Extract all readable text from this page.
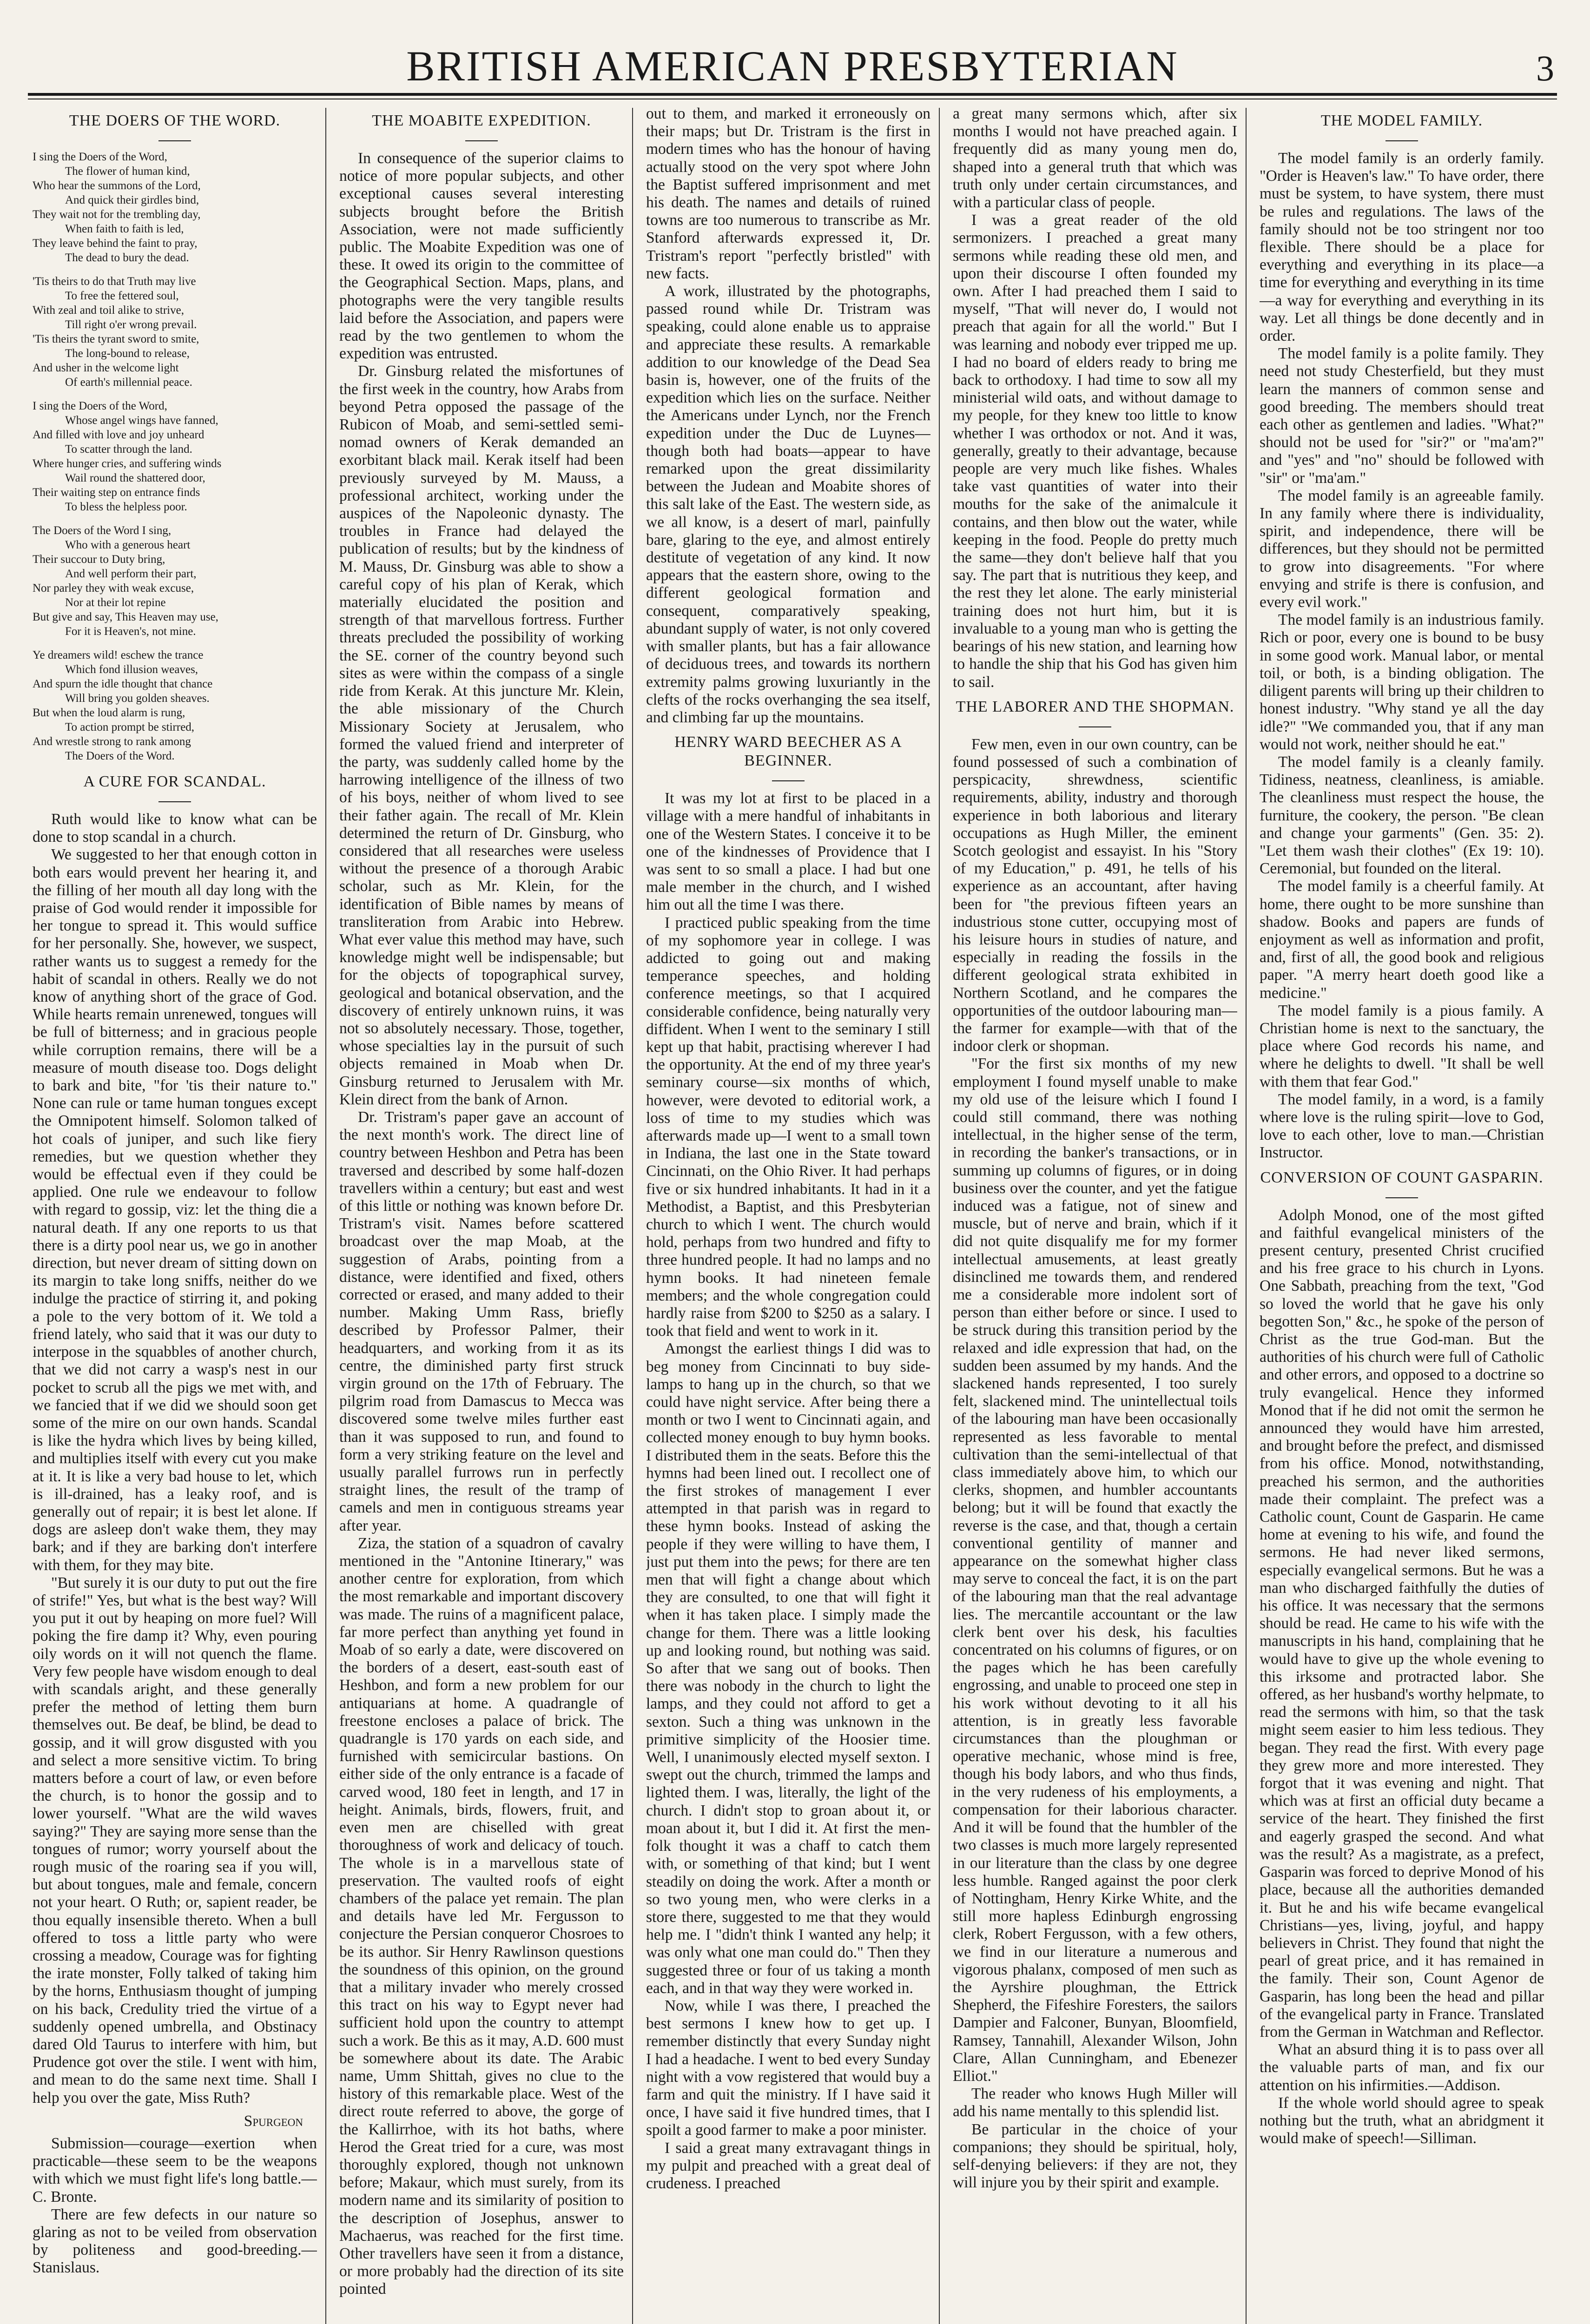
BRITISH AMERICAN PRESBYTERIAN	3
THE DOERS OF THE WORD.
I sing the Doers of the Word,
The flower of human kind,
Who hear the summons of the Lord,
And quick their girdles bind,
They wait not for the trembling day,
When faith to faith is led,
They leave behind the faint to pray,
The dead to bury the dead.
'Tis theirs to do that Truth may live
To free the fettered soul,
With zeal and toil alike to strive,
Till right o'er wrong prevail.
'Tis theirs the tyrant sword to smite,
The long-bound to release,
And usher in the welcome light
Of earth's millennial peace.
I sing the Doers of the Word,
Whose angel wings have fanned,
And filled with love and joy unheard
To scatter through the land.
Where hunger cries, and suffering winds
Wail round the shattered door,
Their waiting step on entrance finds
To bless the helpless poor.
The Doers of the Word I sing,
Who with a generous heart
Their succour to Duty bring,
And well perform their part,
Nor parley they with weak excuse,
Nor at their lot repine
But give and say, This Heaven may use,
For it is Heaven's, not mine.
Ye dreamers wild! eschew the trance
Which fond illusion weaves,
And spurn the idle thought that chance
Will bring you golden sheaves.
But when the loud alarm is rung,
To action prompt be stirred,
And wrestle strong to rank among
The Doers of the Word.
A CURE FOR SCANDAL.

Ruth would like to know what can be done to stop scandal in a church.

We suggested to her that enough cotton in both ears would prevent her hearing it, and the filling of her mouth all day long with the praise of God would render it impossible for her tongue to spread it. This would suffice for her personally. She, however, we suspect, rather wants us to suggest a remedy for the habit of scandal in others. Really we do not know of anything short of the grace of God. While hearts remain unrenewed, tongues will be full of bitterness; and in gracious people while corruption remains, there will be a measure of mouth disease too. Dogs delight to bark and bite, "for 'tis their nature to." None can rule or tame human tongues except the Omnipotent himself. Solomon talked of hot coals of juniper, and such like fiery remedies, but we question whether they would be effectual even if they could be applied. One rule we endeavour to follow with regard to gossip, viz: let the thing die a natural death. If any one reports to us that there is a dirty pool near us, we go in another direction, but never dream of sitting down on its margin to take long sniffs, neither do we indulge the practice of stirring it, and poking a pole to the very bottom of it. We told a friend lately, who said that it was our duty to interpose in the squabbles of another church, that we did not carry a wasp's nest in our pocket to scrub all the pigs we met with, and we fancied that if we did we should soon get some of the mire on our own hands. Scandal is like the hydra which lives by being killed, and multiplies itself with every cut you make at it. It is like a very bad house to let, which is ill-drained, has a leaky roof, and is generally out of repair; it is best let alone. If dogs are asleep don't wake them, they may bark; and if they are barking don't interfere with them, for they may bite.

"But surely it is our duty to put out the fire of strife!" Yes, but what is the best way? Will you put it out by heaping on more fuel? Will poking the fire damp it? Why, even pouring oily words on it will not quench the flame. Very few people have wisdom enough to deal with scandals aright, and these generally prefer the method of letting them burn themselves out. Be deaf, be blind, be dead to gossip, and it will grow disgusted with you and select a more sensitive victim. To bring matters before a court of law, or even before the church, is to honor the gossip and to lower yourself. "What are the wild waves saying?" They are saying more sense than the tongues of rumor; worry yourself about the rough music of the roaring sea if you will, but about tongues, male and female, concern not your heart. O Ruth; or, sapient reader, be thou equally insensible thereto. When a bull offered to toss a little party who were crossing a meadow, Courage was for fighting the irate monster, Folly talked of taking him by the horns, Enthusiasm thought of jumping on his back, Credulity tried the virtue of a suddenly opened umbrella, and Obstinacy dared Old Taurus to interfere with him, but Prudence got over the stile. I went with him, and mean to do the same next time. Shall I help you over the gate, Miss Ruth?

Spurgeon

Submission—courage—exertion when practicable—these seem to be the weapons with which we must fight life's long battle.—C. Bronte.

There are few defects in our nature so glaring as not to be veiled from observation by politeness and good-breeding.—Stanislaus.

THE MOABITE EXPEDITION.

In consequence of the superior claims to notice of more popular subjects, and other exceptional causes several interesting subjects brought before the British Association, were not made sufficiently public. The Moabite Expedition was one of these. It owed its origin to the committee of the Geographical Section. Maps, plans, and photographs were the very tangible results laid before the Association, and papers were read by the two gentlemen to whom the expedition was entrusted.

Dr. Ginsburg related the misfortunes of the first week in the country, how Arabs from beyond Petra opposed the passage of the Rubicon of Moab, and semi-settled semi-nomad owners of Kerak demanded an exorbitant black mail. Kerak itself had been previously surveyed by M. Mauss, a professional architect, working under the auspices of the Napoleonic dynasty. The troubles in France had delayed the publication of results; but by the kindness of M. Mauss, Dr. Ginsburg was able to show a careful copy of his plan of Kerak, which materially elucidated the position and strength of that marvellous fortress. Further threats precluded the possibility of working the SE. corner of the country beyond such sites as were within the compass of a single ride from Kerak. At this juncture Mr. Klein, the able missionary of the Church Missionary Society at Jerusalem, who formed the valued friend and interpreter of the party, was suddenly called home by the harrowing intelligence of the illness of two of his boys, neither of whom lived to see their father again. The recall of Mr. Klein determined the return of Dr. Ginsburg, who considered that all researches were useless without the presence of a thorough Arabic scholar, such as Mr. Klein, for the identification of Bible names by means of transliteration from Arabic into Hebrew. What ever value this method may have, such knowledge might well be indispensable; but for the objects of topographical survey, geological and botanical observation, and the discovery of entirely unknown ruins, it was not so absolutely necessary. Those, together, whose specialties lay in the pursuit of such objects remained in Moab when Dr. Ginsburg returned to Jerusalem with Mr. Klein direct from the bank of Arnon.

Dr. Tristram's paper gave an account of the next month's work. The direct line of country between Heshbon and Petra has been traversed and described by some half-dozen travellers within a century; but east and west of this little or nothing was known before Dr. Tristram's visit. Names before scattered broadcast over the map Moab, at the suggestion of Arabs, pointing from a distance, were identified and fixed, others corrected or erased, and many added to their number. Making Umm Rass, briefly described by Professor Palmer, their headquarters, and working from it as its centre, the diminished party first struck virgin ground on the 17th of February. The pilgrim road from Damascus to Mecca was discovered some twelve miles further east than it was supposed to run, and found to form a very striking feature on the level and usually parallel furrows run in perfectly straight lines, the result of the tramp of camels and men in contiguous streams year after year.

Ziza, the station of a squadron of cavalry mentioned in the "Antonine Itinerary," was another centre for exploration, from which the most remarkable and important discovery was made. The ruins of a magnificent palace, far more perfect than anything yet found in Moab of so early a date, were discovered on the borders of a desert, east-south east of Heshbon, and form a new problem for our antiquarians at home. A quadrangle of freestone encloses a palace of brick. The quadrangle is 170 yards on each side, and furnished with semicircular bastions. On either side of the only entrance is a facade of carved wood, 180 feet in length, and 17 in height. Animals, birds, flowers, fruit, and even men are chiselled with great thoroughness of work and delicacy of touch. The whole is in a marvellous state of preservation. The vaulted roofs of eight chambers of the palace yet remain. The plan and details have led Mr. Fergusson to conjecture the Persian conqueror Chosroes to be its author. Sir Henry Rawlinson questions the soundness of this opinion, on the ground that a military invader who merely crossed this tract on his way to Egypt never had sufficient hold upon the country to attempt such a work. Be this as it may, A.D. 600 must be somewhere about its date. The Arabic name, Umm Shittah, gives no clue to the history of this remarkable place. West of the direct route referred to above, the gorge of the Kallirrhoe, with its hot baths, where Herod the Great tried for a cure, was most thoroughly explored, though not unknown before; Makaur, which must surely, from its modern name and its similarity of position to the description of Josephus, answer to Machaerus, was reached for the first time. Other travellers have seen it from a distance, or more probably had the direction of its site pointed

out to them, and marked it erroneously on their maps; but Dr. Tristram is the first in modern times who has the honour of having actually stood on the very spot where John the Baptist suffered imprisonment and met his death. The names and details of ruined towns are too numerous to transcribe as Mr. Stanford afterwards expressed it, Dr. Tristram's report "perfectly bristled" with new facts.

A work, illustrated by the photographs, passed round while Dr. Tristram was speaking, could alone enable us to appraise and appreciate these results. A remarkable addition to our knowledge of the Dead Sea basin is, however, one of the fruits of the expedition which lies on the surface. Neither the Americans under Lynch, nor the French expedition under the Duc de Luynes—though both had boats—appear to have remarked upon the great dissimilarity between the Judean and Moabite shores of this salt lake of the East. The western side, as we all know, is a desert of marl, painfully bare, glaring to the eye, and almost entirely destitute of vegetation of any kind. It now appears that the eastern shore, owing to the different geological formation and consequent, comparatively speaking, abundant supply of water, is not only covered with smaller plants, but has a fair allowance of deciduous trees, and towards its northern extremity palms growing luxuriantly in the clefts of the rocks overhanging the sea itself, and climbing far up the mountains.

HENRY WARD BEECHER AS A BEGINNER.

It was my lot at first to be placed in a village with a mere handful of inhabitants in one of the Western States. I conceive it to be one of the kindnesses of Providence that I was sent to so small a place. I had but one male member in the church, and I wished him out all the time I was there.

I practiced public speaking from the time of my sophomore year in college. I was addicted to going out and making temperance speeches, and holding conference meetings, so that I acquired considerable confidence, being naturally very diffident. When I went to the seminary I still kept up that habit, practising wherever I had the opportunity. At the end of my three year's seminary course—six months of which, however, were devoted to editorial work, a loss of time to my studies which was afterwards made up—I went to a small town in Indiana, the last one in the State toward Cincinnati, on the Ohio River. It had perhaps five or six hundred inhabitants. It had in it a Methodist, a Baptist, and this Presbyterian church to which I went. The church would hold, perhaps from two hundred and fifty to three hundred people. It had no lamps and no hymn books. It had nineteen female members; and the whole congregation could hardly raise from $200 to $250 as a salary. I took that field and went to work in it.

Amongst the earliest things I did was to beg money from Cincinnati to buy side-lamps to hang up in the church, so that we could have night service. After being there a month or two I went to Cincinnati again, and collected money enough to buy hymn books. I distributed them in the seats. Before this the hymns had been lined out. I recollect one of the first strokes of management I ever attempted in that parish was in regard to these hymn books. Instead of asking the people if they were willing to have them, I just put them into the pews; for there are ten men that will fight a change about which they are consulted, to one that will fight it when it has taken place. I simply made the change for them. There was a little looking up and looking round, but nothing was said. So after that we sang out of books. Then there was nobody in the church to light the lamps, and they could not afford to get a sexton. Such a thing was unknown in the primitive simplicity of the Hoosier time. Well, I unanimously elected myself sexton. I swept out the church, trimmed the lamps and lighted them. I was, literally, the light of the church. I didn't stop to groan about it, or moan about it, but I did it. At first the men-folk thought it was a chaff to catch them with, or something of that kind; but I went steadily on doing the work. After a month or so two young men, who were clerks in a store there, suggested to me that they would help me. I "didn't think I wanted any help; it was only what one man could do." Then they suggested three or four of us taking a month each, and in that way they were worked in.

Now, while I was there, I preached the best sermons I knew how to get up. I remember distinctly that every Sunday night I had a headache. I went to bed every Sunday night with a vow registered that would buy a farm and quit the ministry. If I have said it once, I have said it five hundred times, that I spoilt a good farmer to make a poor minister.

I said a great many extravagant things in my pulpit and preached with a great deal of crudeness. I preached

a great many sermons which, after six months I would not have preached again. I frequently did as many young men do, shaped into a general truth that which was truth only under certain circumstances, and with a particular class of people.

I was a great reader of the old sermonizers. I preached a great many sermons while reading these old men, and upon their discourse I often founded my own. After I had preached them I said to myself, "That will never do, I would not preach that again for all the world." But I was learning and nobody ever tripped me up. I had no board of elders ready to bring me back to orthodoxy. I had time to sow all my ministerial wild oats, and without damage to my people, for they knew too little to know whether I was orthodox or not. And it was, generally, greatly to their advantage, because people are very much like fishes. Whales take vast quantities of water into their mouths for the sake of the animalcule it contains, and then blow out the water, while keeping in the food. People do pretty much the same—they don't believe half that you say. The part that is nutritious they keep, and the rest they let alone. The early ministerial training does not hurt him, but it is invaluable to a young man who is getting the bearings of his new station, and learning how to handle the ship that his God has given him to sail.

THE LABORER AND THE SHOPMAN.

Few men, even in our own country, can be found possessed of such a combination of perspicacity, shrewdness, scientific requirements, ability, industry and thorough experience in both laborious and literary occupations as Hugh Miller, the eminent Scotch geologist and essayist. In his "Story of my Education," p. 491, he tells of his experience as an accountant, after having been for "the previous fifteen years an industrious stone cutter, occupying most of his leisure hours in studies of nature, and especially in reading the fossils in the different geological strata exhibited in Northern Scotland, and he compares the opportunities of the outdoor labouring man—the farmer for example—with that of the indoor clerk or shopman.

"For the first six months of my new employment I found myself unable to make my old use of the leisure which I found I could still command, there was nothing intellectual, in the higher sense of the term, in recording the banker's transactions, or in summing up columns of figures, or in doing business over the counter, and yet the fatigue induced was a fatigue, not of sinew and muscle, but of nerve and brain, which if it did not quite disqualify me for my former intellectual amusements, at least greatly disinclined me towards them, and rendered me a considerable more indolent sort of person than either before or since. I used to be struck during this transition period by the relaxed and idle expression that had, on the sudden been assumed by my hands. And the slackened hands represented, I too surely felt, slackened mind. The unintellectual toils of the labouring man have been occasionally represented as less favorable to mental cultivation than the semi-intellectual of that class immediately above him, to which our clerks, shopmen, and humbler accountants belong; but it will be found that exactly the reverse is the case, and that, though a certain conventional gentility of manner and appearance on the somewhat higher class may serve to conceal the fact, it is on the part of the labouring man that the real advantage lies. The mercantile accountant or the law clerk bent over his desk, his faculties concentrated on his columns of figures, or on the pages which he has been carefully engrossing, and unable to proceed one step in his work without devoting to it all his attention, is in greatly less favorable circumstances than the ploughman or operative mechanic, whose mind is free, though his body labors, and who thus finds, in the very rudeness of his employments, a compensation for their laborious character. And it will be found that the humbler of the two classes is much more largely represented in our literature than the class by one degree less humble. Ranged against the poor clerk of Nottingham, Henry Kirke White, and the still more hapless Edinburgh engrossing clerk, Robert Fergusson, with a few others, we find in our literature a numerous and vigorous phalanx, composed of men such as the Ayrshire ploughman, the Ettrick Shepherd, the Fifeshire Foresters, the sailors Dampier and Falconer, Bunyan, Bloomfield, Ramsey, Tannahill, Alexander Wilson, John Clare, Allan Cunningham, and Ebenezer Elliot."

The reader who knows Hugh Miller will add his name mentally to this splendid list.

Be particular in the choice of your companions; they should be spiritual, holy, self-denying believers: if they are not, they will injure you by their spirit and example.

THE MODEL FAMILY.

The model family is an orderly family. "Order is Heaven's law." To have order, there must be system, to have system, there must be rules and regulations. The laws of the family should not be too stringent nor too flexible. There should be a place for everything and everything in its place—a time for everything and everything in its time—a way for everything and everything in its way. Let all things be done decently and in order.

The model family is a polite family. They need not study Chesterfield, but they must learn the manners of common sense and good breeding. The members should treat each other as gentlemen and ladies. "What?" should not be used for "sir?" or "ma'am?" and "yes" and "no" should be followed with "sir" or "ma'am."

The model family is an agreeable family. In any family where there is individuality, spirit, and independence, there will be differences, but they should not be permitted to grow into disagreements. "For where envying and strife is there is confusion, and every evil work."

The model family is an industrious family. Rich or poor, every one is bound to be busy in some good work. Manual labor, or mental toil, or both, is a binding obligation. The diligent parents will bring up their children to honest industry. "Why stand ye all the day idle?" "We commanded you, that if any man would not work, neither should he eat."

The model family is a cleanly family. Tidiness, neatness, cleanliness, is amiable. The cleanliness must respect the house, the furniture, the cookery, the person. "Be clean and change your garments" (Gen. 35: 2). "Let them wash their clothes" (Ex 19: 10). Ceremonial, but founded on the literal.

The model family is a cheerful family. At home, there ought to be more sunshine than shadow. Books and papers are funds of enjoyment as well as information and profit, and, first of all, the good book and religious paper. "A merry heart doeth good like a medicine."

The model family is a pious family. A Christian home is next to the sanctuary, the place where God records his name, and where he delights to dwell. "It shall be well with them that fear God."

The model family, in a word, is a family where love is the ruling spirit—love to God, love to each other, love to man.—Christian Instructor.

CONVERSION OF COUNT GASPARIN.

Adolph Monod, one of the most gifted and faithful evangelical ministers of the present century, presented Christ crucified and his free grace to his church in Lyons. One Sabbath, preaching from the text, "God so loved the world that he gave his only begotten Son," &c., he spoke of the person of Christ as the true God-man. But the authorities of his church were full of Catholic and other errors, and opposed to a doctrine so truly evangelical. Hence they informed Monod that if he did not omit the sermon he announced they would have him arrested, and brought before the prefect, and dismissed from his office. Monod, notwithstanding, preached his sermon, and the authorities made their complaint. The prefect was a Catholic count, Count de Gasparin. He came home at evening to his wife, and found the sermons. He had never liked sermons, especially evangelical sermons. But he was a man who discharged faithfully the duties of his office. It was necessary that the sermons should be read. He came to his wife with the manuscripts in his hand, complaining that he would have to give up the whole evening to this irksome and protracted labor. She offered, as her husband's worthy helpmate, to read the sermons with him, so that the task might seem easier to him less tedious. They began. They read the first. With every page they grew more and more interested. They forgot that it was evening and night. That which was at first an official duty became a service of the heart. They finished the first and eagerly grasped the second. And what was the result? As a magistrate, as a prefect, Gasparin was forced to deprive Monod of his place, because all the authorities demanded it. But he and his wife became evangelical Christians—yes, living, joyful, and happy believers in Christ. They found that night the pearl of great price, and it has remained in the family. Their son, Count Agenor de Gasparin, has long been the head and pillar of the evangelical party in France. Translated from the German in Watchman and Reflector.

What an absurd thing it is to pass over all the valuable parts of man, and fix our attention on his infirmities.—Addison.

If the whole world should agree to speak nothing but the truth, what an abridgment it would make of speech!—Silliman.
